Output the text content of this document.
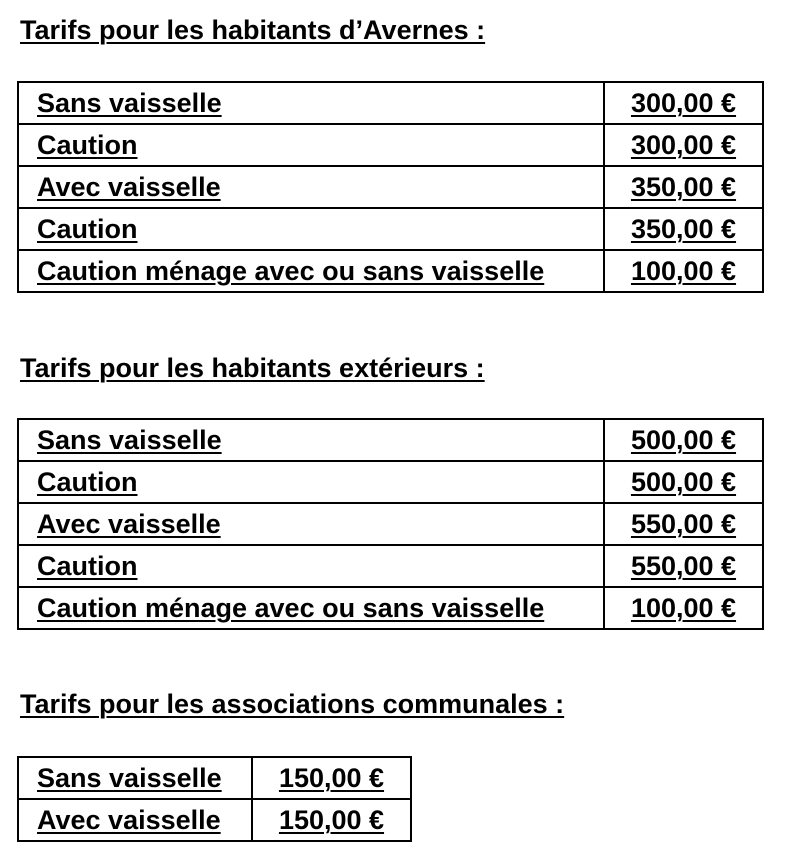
Tarifs pour les habitants d’Avernes :
Sans vaisselle	300,00 €
Caution	300,00 €
Avec vaisselle	350,00 €
Caution	350,00 €
Caution ménage avec ou sans vaisselle	100,00 €
Tarifs pour les habitants extérieurs :
Sans vaisselle	500,00 €
Caution	500,00 €
Avec vaisselle	550,00 €
Caution	550,00 €
Caution ménage avec ou sans vaisselle	100,00 €
Tarifs pour les associations communales :
Sans vaisselle	150,00 €
Avec vaisselle	150,00 €
